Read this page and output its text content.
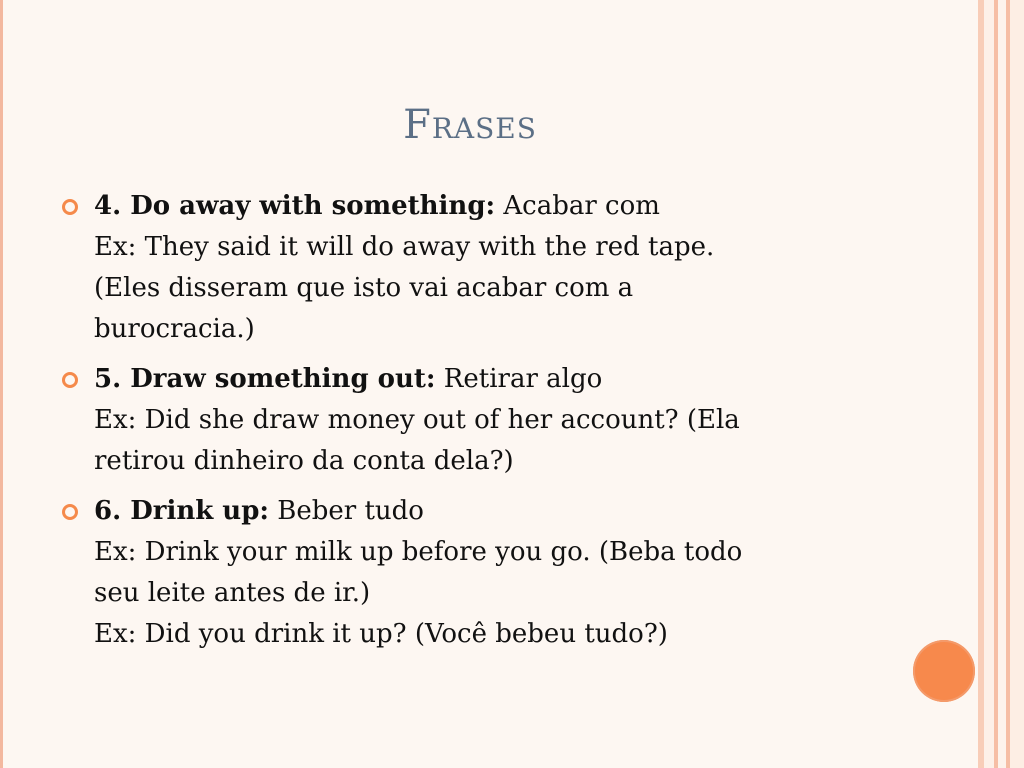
Frases
4. Do away with something: Acabar com
Ex: They said it will do away with the red tape.
(Eles disseram que isto vai acabar com a
burocracia.)
5. Draw something out: Retirar algo
Ex: Did she draw money out of her account? (Ela
retirou dinheiro da conta dela?)
6. Drink up: Beber tudo
Ex: Drink your milk up before you go. (Beba todo
seu leite antes de ir.)
Ex: Did you drink it up? (Você bebeu tudo?)
